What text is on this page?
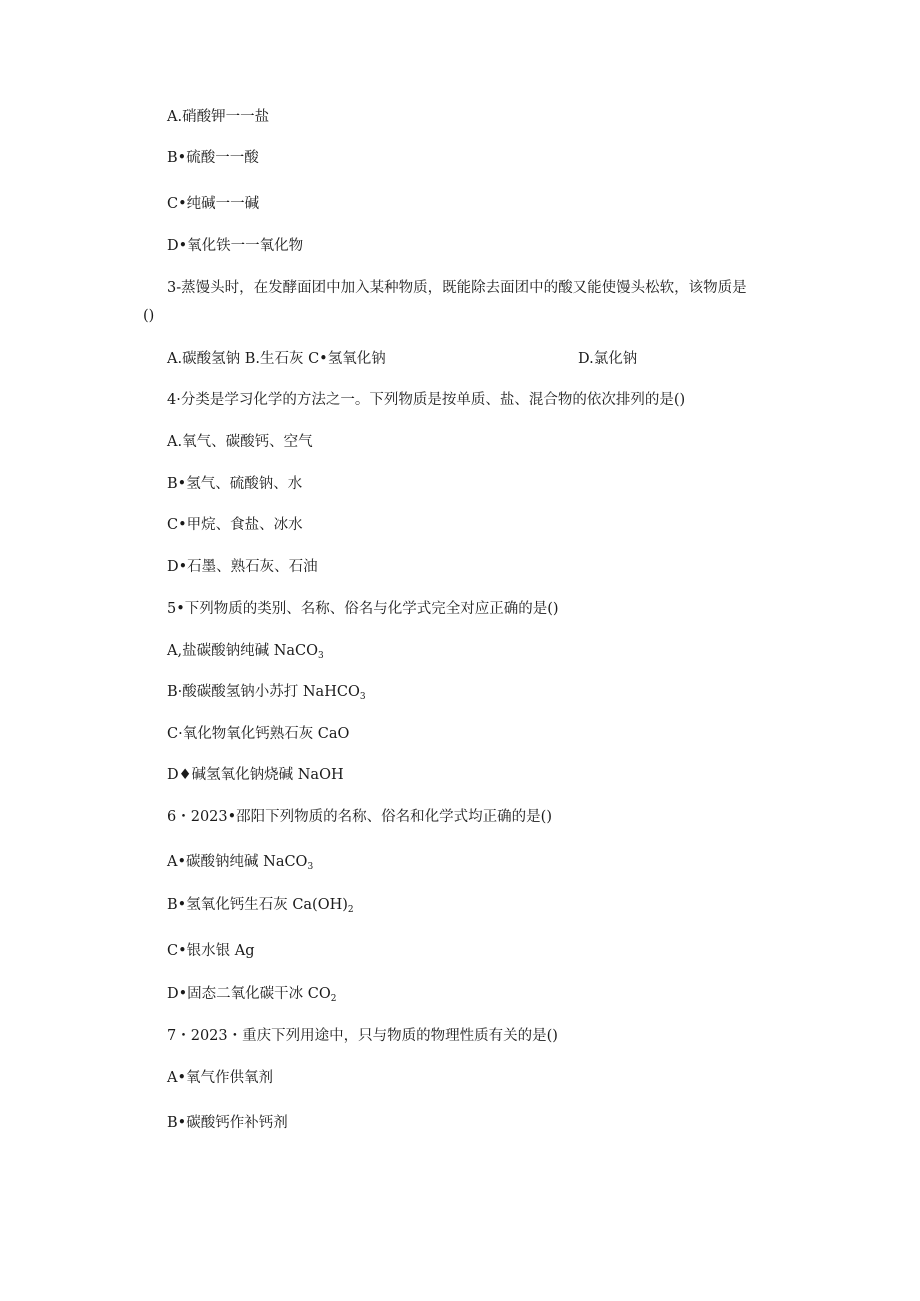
A.硝酸钾一一盐
B•硫酸一一酸
C•纯碱一一碱
D•氧化铁一一氧化物
3-蒸馒头时，在发酵面团中加入某种物质，既能除去面团中的酸又能使馒头松软，该物质是
()
A.碳酸氢钠 B.生石灰 C•氢氧化钠	D.氯化钠
4·分类是学习化学的方法之一。下列物质是按单质、盐、混合物的依次排列的是()
A.氧气、碳酸钙、空气
B•氢气、硫酸钠、水
C•甲烷、食盐、冰水
D•石墨、熟石灰、石油
5•下列物质的类别、名称、俗名与化学式完全对应正确的是()
A,盐碳酸钠纯碱 NaCO$_3$
B·酸碳酸氢钠小苏打 NaHCO$_3$
C·氧化物氧化钙熟石灰 CaO
D♦碱氢氧化钠烧碱 NaOH
6・2023•邵阳下列物质的名称、俗名和化学式均正确的是()
A•碳酸钠纯碱 NaCO$_3$
B•氢氧化钙生石灰 $Ca(OH)_2$
C•银水银 Ag
D•固态二氧化碳干冰 $CO_2$
7・2023・重庆下列用途中，只与物质的物理性质有关的是()
A•氧气作供氧剂
B•碳酸钙作补钙剂
